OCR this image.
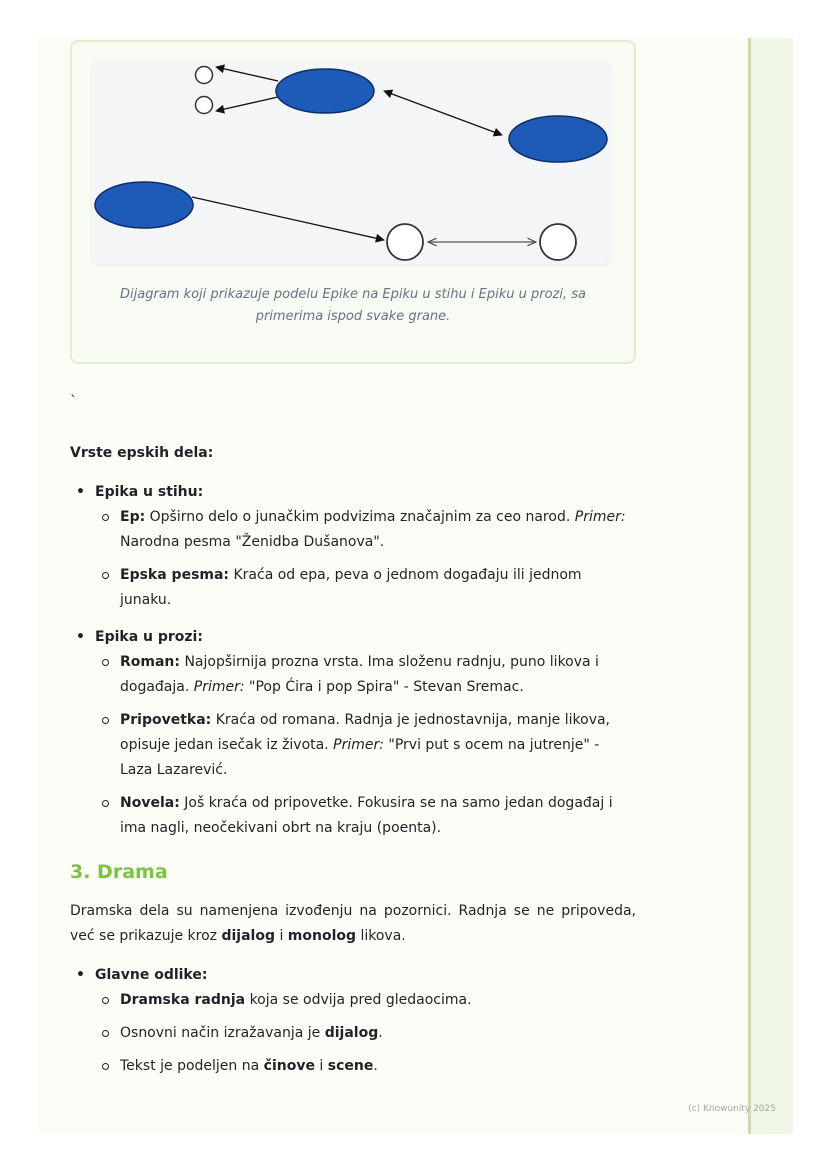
Dijagram koji prikazuje podelu Epike na Epiku u stihu i Epiku u prozi, sa primerima ispod svake grane.
`
Vrste epskih dela:
• Epika u stihu:
Ep: Opširno delo o junačkim podvizima značajnim za ceo narod. Primer: Narodna pesma "Ženidba Dušanova".
Epska pesma: Kraća od epa, peva o jednom događaju ili jednom junaku.
• Epika u prozi:
Roman: Najopširnija prozna vrsta. Ima složenu radnju, puno likova i događaja. Primer: "Pop Ćira i pop Spira" - Stevan Sremac.
Pripovetka: Kraća od romana. Radnja je jednostavnija, manje likova, opisuje jedan isečak iz života. Primer: "Prvi put s ocem na jutrenje" - Laza Lazarević.
Novela: Još kraća od pripovetke. Fokusira se na samo jedan događaj i ima nagli, neočekivani obrt na kraju (poenta).
3. Drama
Dramska dela su namenjena izvođenju na pozornici. Radnja se ne pripoveda, već se prikazuje kroz dijalog i monolog likova.
• Glavne odlike:
Dramska radnja koja se odvija pred gledaocima.
Osnovni način izražavanja je dijalog.
Tekst je podeljen na činove i scene.
(c) Knowunity 2025
